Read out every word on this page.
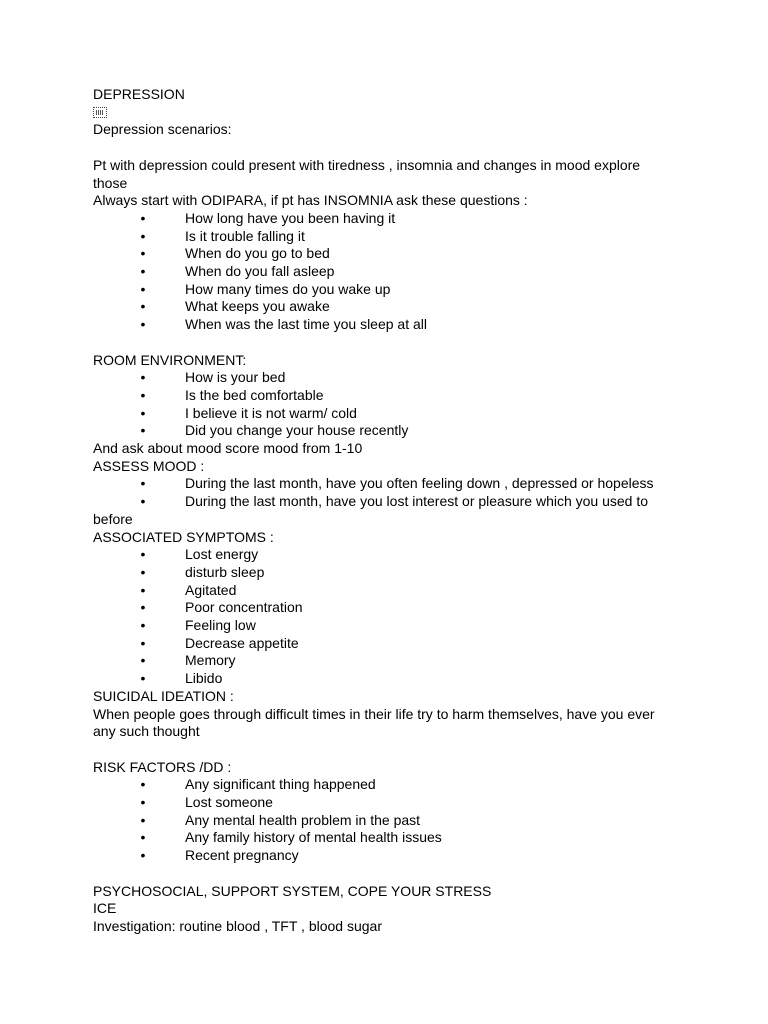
DEPRESSION
Depression scenarios:
Pt with depression could present with tiredness , insomnia and changes in mood explore those
Always start with ODIPARA, if pt has INSOMNIA ask these questions :
•	How long have you been having it
•	Is it trouble falling it
•	When do you go to bed
•	When do you fall asleep
•	How many times do you wake up
•	What keeps you awake
•	When was the last time you sleep at all
ROOM ENVIRONMENT:
•	How is your bed
•	Is the bed comfortable
•	I believe it is not warm/ cold
•	Did you change your house recently
And ask about mood score mood from 1-10
ASSESS MOOD :
•	During the last month, have you often feeling down , depressed or hopeless
•	During the last month, have you lost interest or pleasure which you used to
before
ASSOCIATED SYMPTOMS :
•	Lost energy
•	disturb sleep
•	Agitated
•	Poor concentration
•	Feeling low
•	Decrease appetite
•	Memory
•	Libido
SUICIDAL IDEATION :
When people goes through difficult times in their life try to harm themselves, have you ever any such thought
RISK FACTORS /DD :
•	Any significant thing happened
•	Lost someone
•	Any mental health problem in the past
•	Any family history of mental health issues
•	Recent pregnancy
PSYCHOSOCIAL, SUPPORT SYSTEM, COPE YOUR STRESS
ICE
Investigation: routine blood , TFT , blood sugar
